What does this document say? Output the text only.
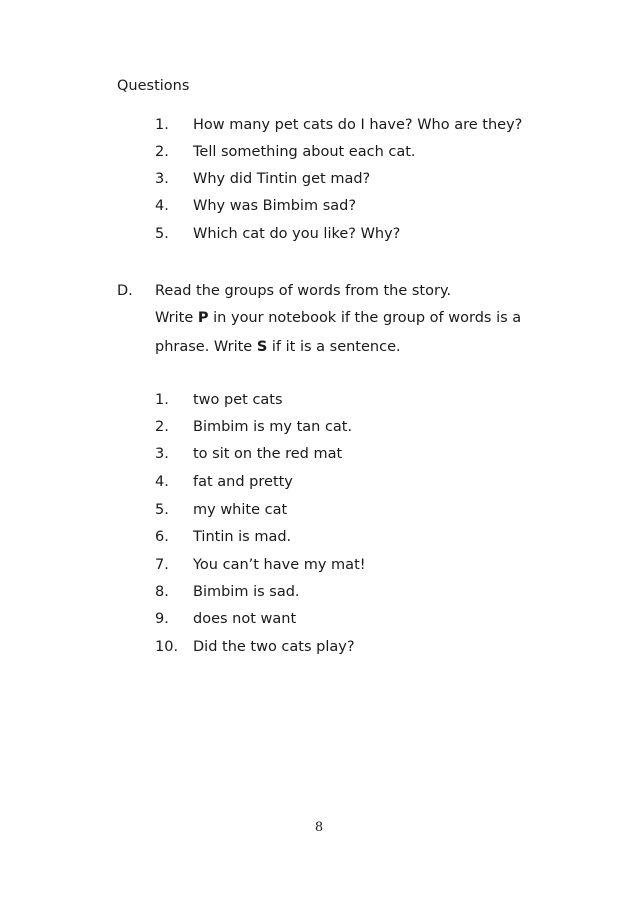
Questions
1. How many pet cats do I have? Who are they?
2. Tell something about each cat.
3. Why did Tintin get mad?
4. Why was Bimbim sad?
5. Which cat do you like? Why?
D. Read the groups of words from the story.
Write P in your notebook if the group of words is a
phrase. Write S if it is a sentence.
1. two pet cats
2. Bimbim is my tan cat.
3. to sit on the red mat
4. fat and pretty
5. my white cat
6. Tintin is mad.
7. You can’t have my mat!
8. Bimbim is sad.
9. does not want
10. Did the two cats play?
8
